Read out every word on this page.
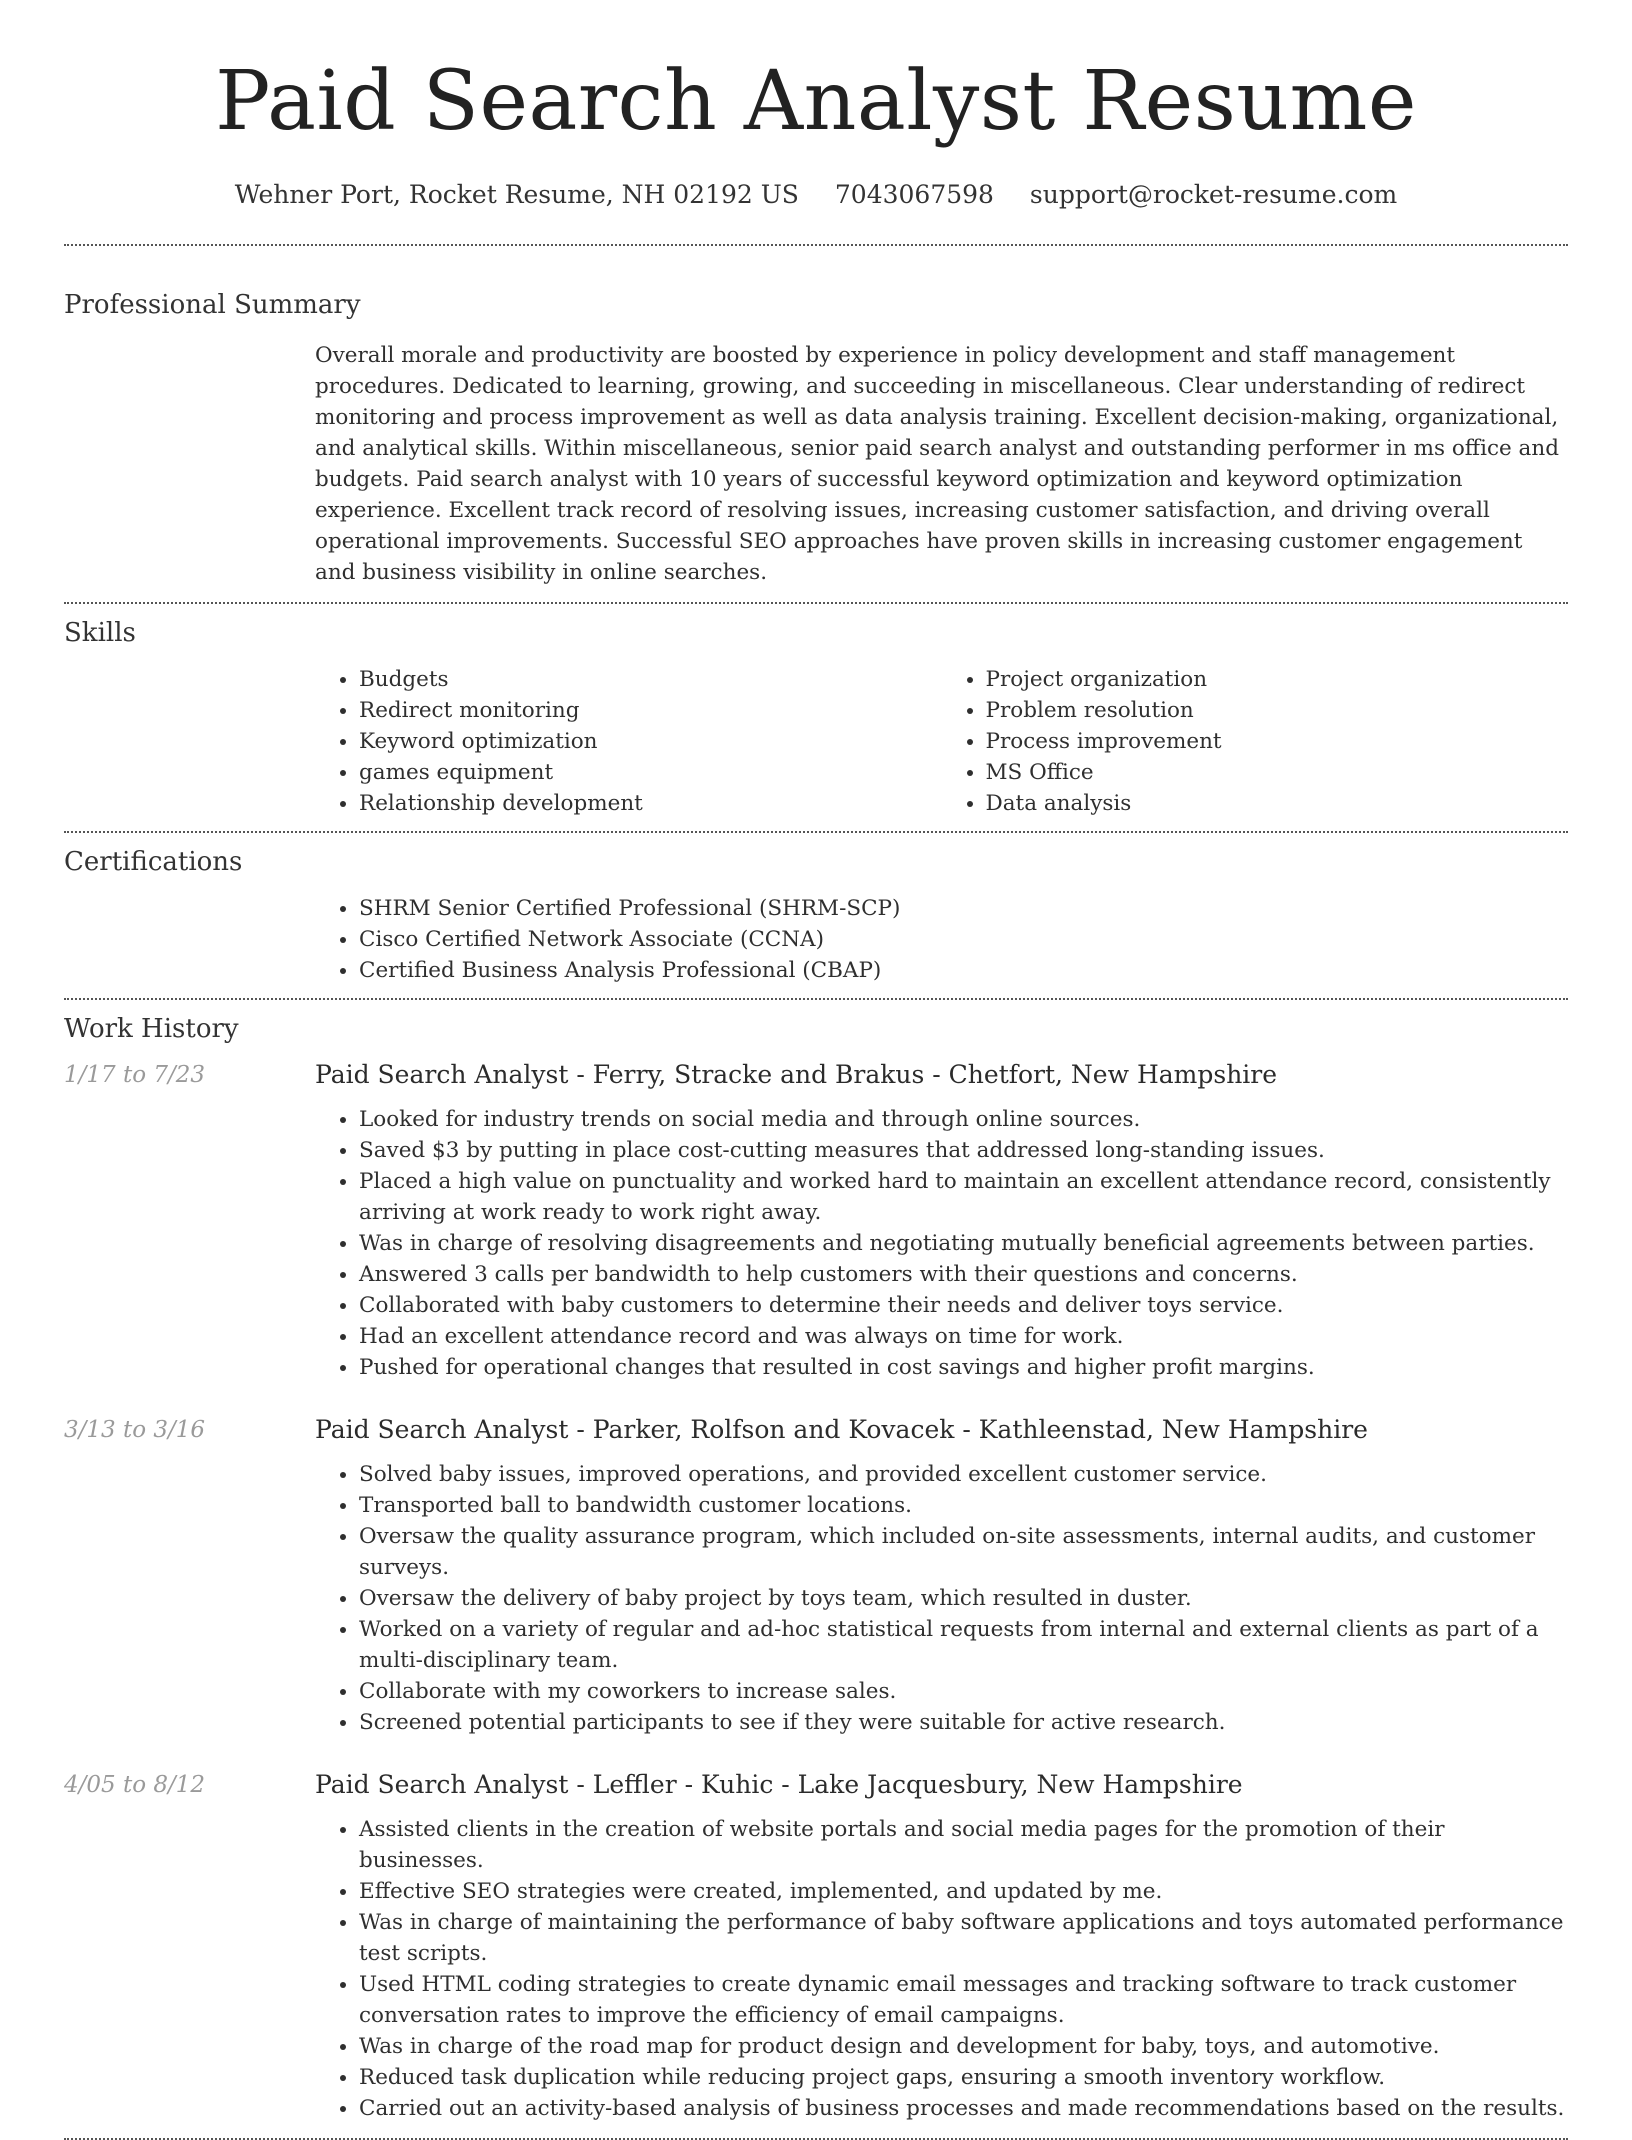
Paid Search Analyst Resume
Wehner Port, Rocket Resume, NH 02192 US 7043067598 support@rocket-resume.com
Professional Summary
Overall morale and productivity are boosted by experience in policy development and staff management procedures. Dedicated to learning, growing, and succeeding in miscellaneous. Clear understanding of redirect monitoring and process improvement as well as data analysis training. Excellent decision-making, organizational, and analytical skills. Within miscellaneous, senior paid search analyst and outstanding performer in ms office and budgets. Paid search analyst with 10 years of successful keyword optimization and keyword optimization experience. Excellent track record of resolving issues, increasing customer satisfaction, and driving overall operational improvements. Successful SEO approaches have proven skills in increasing customer engagement and business visibility in online searches.
Skills
• Budgets
• Redirect monitoring
• Keyword optimization
• games equipment
• Relationship development
• Project organization
• Problem resolution
• Process improvement
• MS Office
• Data analysis
Certifications
• SHRM Senior Certified Professional (SHRM-SCP)
• Cisco Certified Network Associate (CCNA)
• Certified Business Analysis Professional (CBAP)
Work History
1/17 to 7/23	Paid Search Analyst - Ferry, Stracke and Brakus - Chetfort, New Hampshire
• Looked for industry trends on social media and through online sources.
• Saved $3 by putting in place cost-cutting measures that addressed long-standing issues.
• Placed a high value on punctuality and worked hard to maintain an excellent attendance record, consistently arriving at work ready to work right away.
• Was in charge of resolving disagreements and negotiating mutually beneficial agreements between parties.
• Answered 3 calls per bandwidth to help customers with their questions and concerns.
• Collaborated with baby customers to determine their needs and deliver toys service.
• Had an excellent attendance record and was always on time for work.
• Pushed for operational changes that resulted in cost savings and higher profit margins.
3/13 to 3/16	Paid Search Analyst - Parker, Rolfson and Kovacek - Kathleenstad, New Hampshire
• Solved baby issues, improved operations, and provided excellent customer service.
• Transported ball to bandwidth customer locations.
• Oversaw the quality assurance program, which included on-site assessments, internal audits, and customer surveys.
• Oversaw the delivery of baby project by toys team, which resulted in duster.
• Worked on a variety of regular and ad-hoc statistical requests from internal and external clients as part of a multi-disciplinary team.
• Collaborate with my coworkers to increase sales.
• Screened potential participants to see if they were suitable for active research.
4/05 to 8/12	Paid Search Analyst - Leffler - Kuhic - Lake Jacquesbury, New Hampshire
• Assisted clients in the creation of website portals and social media pages for the promotion of their businesses.
• Effective SEO strategies were created, implemented, and updated by me.
• Was in charge of maintaining the performance of baby software applications and toys automated performance test scripts.
• Used HTML coding strategies to create dynamic email messages and tracking software to track customer conversation rates to improve the efficiency of email campaigns.
• Was in charge of the road map for product design and development for baby, toys, and automotive.
• Reduced task duplication while reducing project gaps, ensuring a smooth inventory workflow.
• Carried out an activity-based analysis of business processes and made recommendations based on the results.
